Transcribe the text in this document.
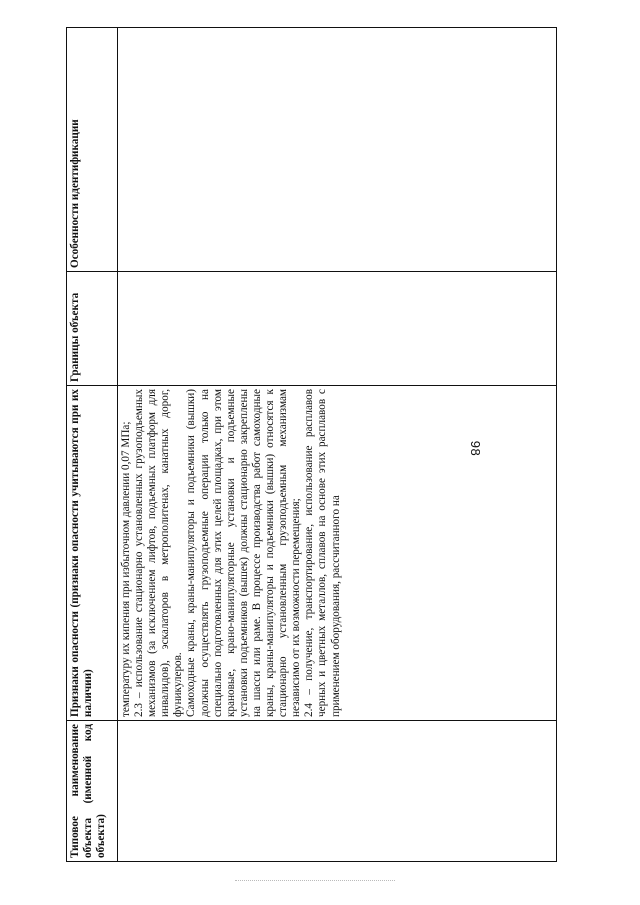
98
Типовое наименование объекта (именной код объекта)	Признаки опасности (признаки опасности учитываются при их наличии)	Границы объекта	Особенности идентификации

	температуру их кипения при избыточном давлении 0,07 МПа; 2.3 – использование стационарно установленных грузоподъемных механизмов (за исключением лифтов, подъемных платформ для инвалидов), эскалаторов в метрополитенах, канатных дорог, фуникулеров. Самоходные краны, краны-манипуляторы и подъемники (вышки) должны осуществлять грузоподъемные операции только на специально подготовленных для этих целей площадках, при этом крановые, крано-манипуляторные установки и подъемные установки подъемников (вышек) должны стационарно закреплены на шасси или раме. В процессе производства работ самоходные краны, краны-манипуляторы и подъемники (вышки) относятся к стационарно установленным грузоподъемным механизмам независимо от их возможности перемещения; 2.4 – получение, транспортирование, использование расплавов черных и цветных металлов, сплавов на основе этих расплавов с применением оборудования, рассчитанного на		
